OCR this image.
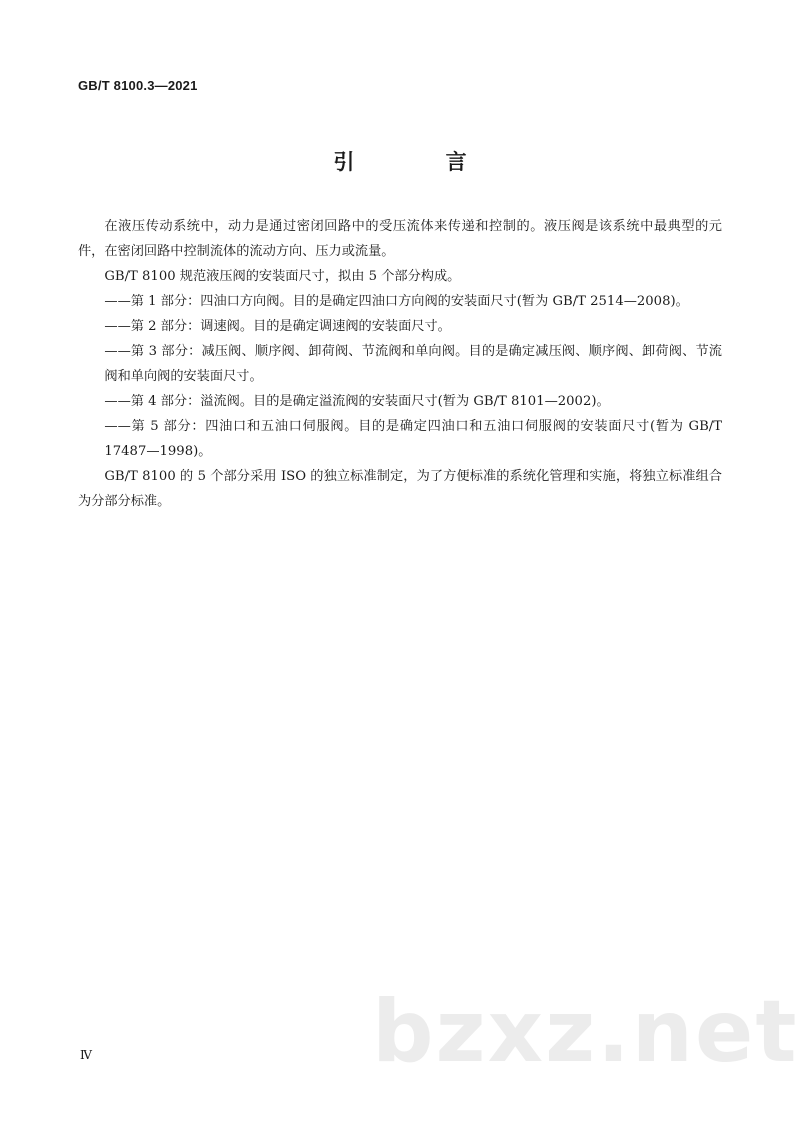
GB/T 8100.3—2021
引 言

在液压传动系统中，动力是通过密闭回路中的受压流体来传递和控制的。液压阀是该系统中最典型的元件，在密闭回路中控制流体的流动方向、压力或流量。

GB/T 8100 规范液压阀的安装面尺寸，拟由 5 个部分构成。

——第 1 部分：四油口方向阀。目的是确定四油口方向阀的安装面尺寸(暂为 GB/T 2514—2008)。

——第 2 部分：调速阀。目的是确定调速阀的安装面尺寸。

——第 3 部分：减压阀、顺序阀、卸荷阀、节流阀和单向阀。目的是确定减压阀、顺序阀、卸荷阀、节流阀和单向阀的安装面尺寸。

——第 4 部分：溢流阀。目的是确定溢流阀的安装面尺寸(暂为 GB/T 8101—2002)。

——第 5 部分：四油口和五油口伺服阀。目的是确定四油口和五油口伺服阀的安装面尺寸(暂为 GB/T 17487—1998)。

GB/T 8100 的 5 个部分采用 ISO 的独立标准制定，为了方便标准的系统化管理和实施，将独立标准组合为分部分标准。

bzxz.net
Ⅳ
